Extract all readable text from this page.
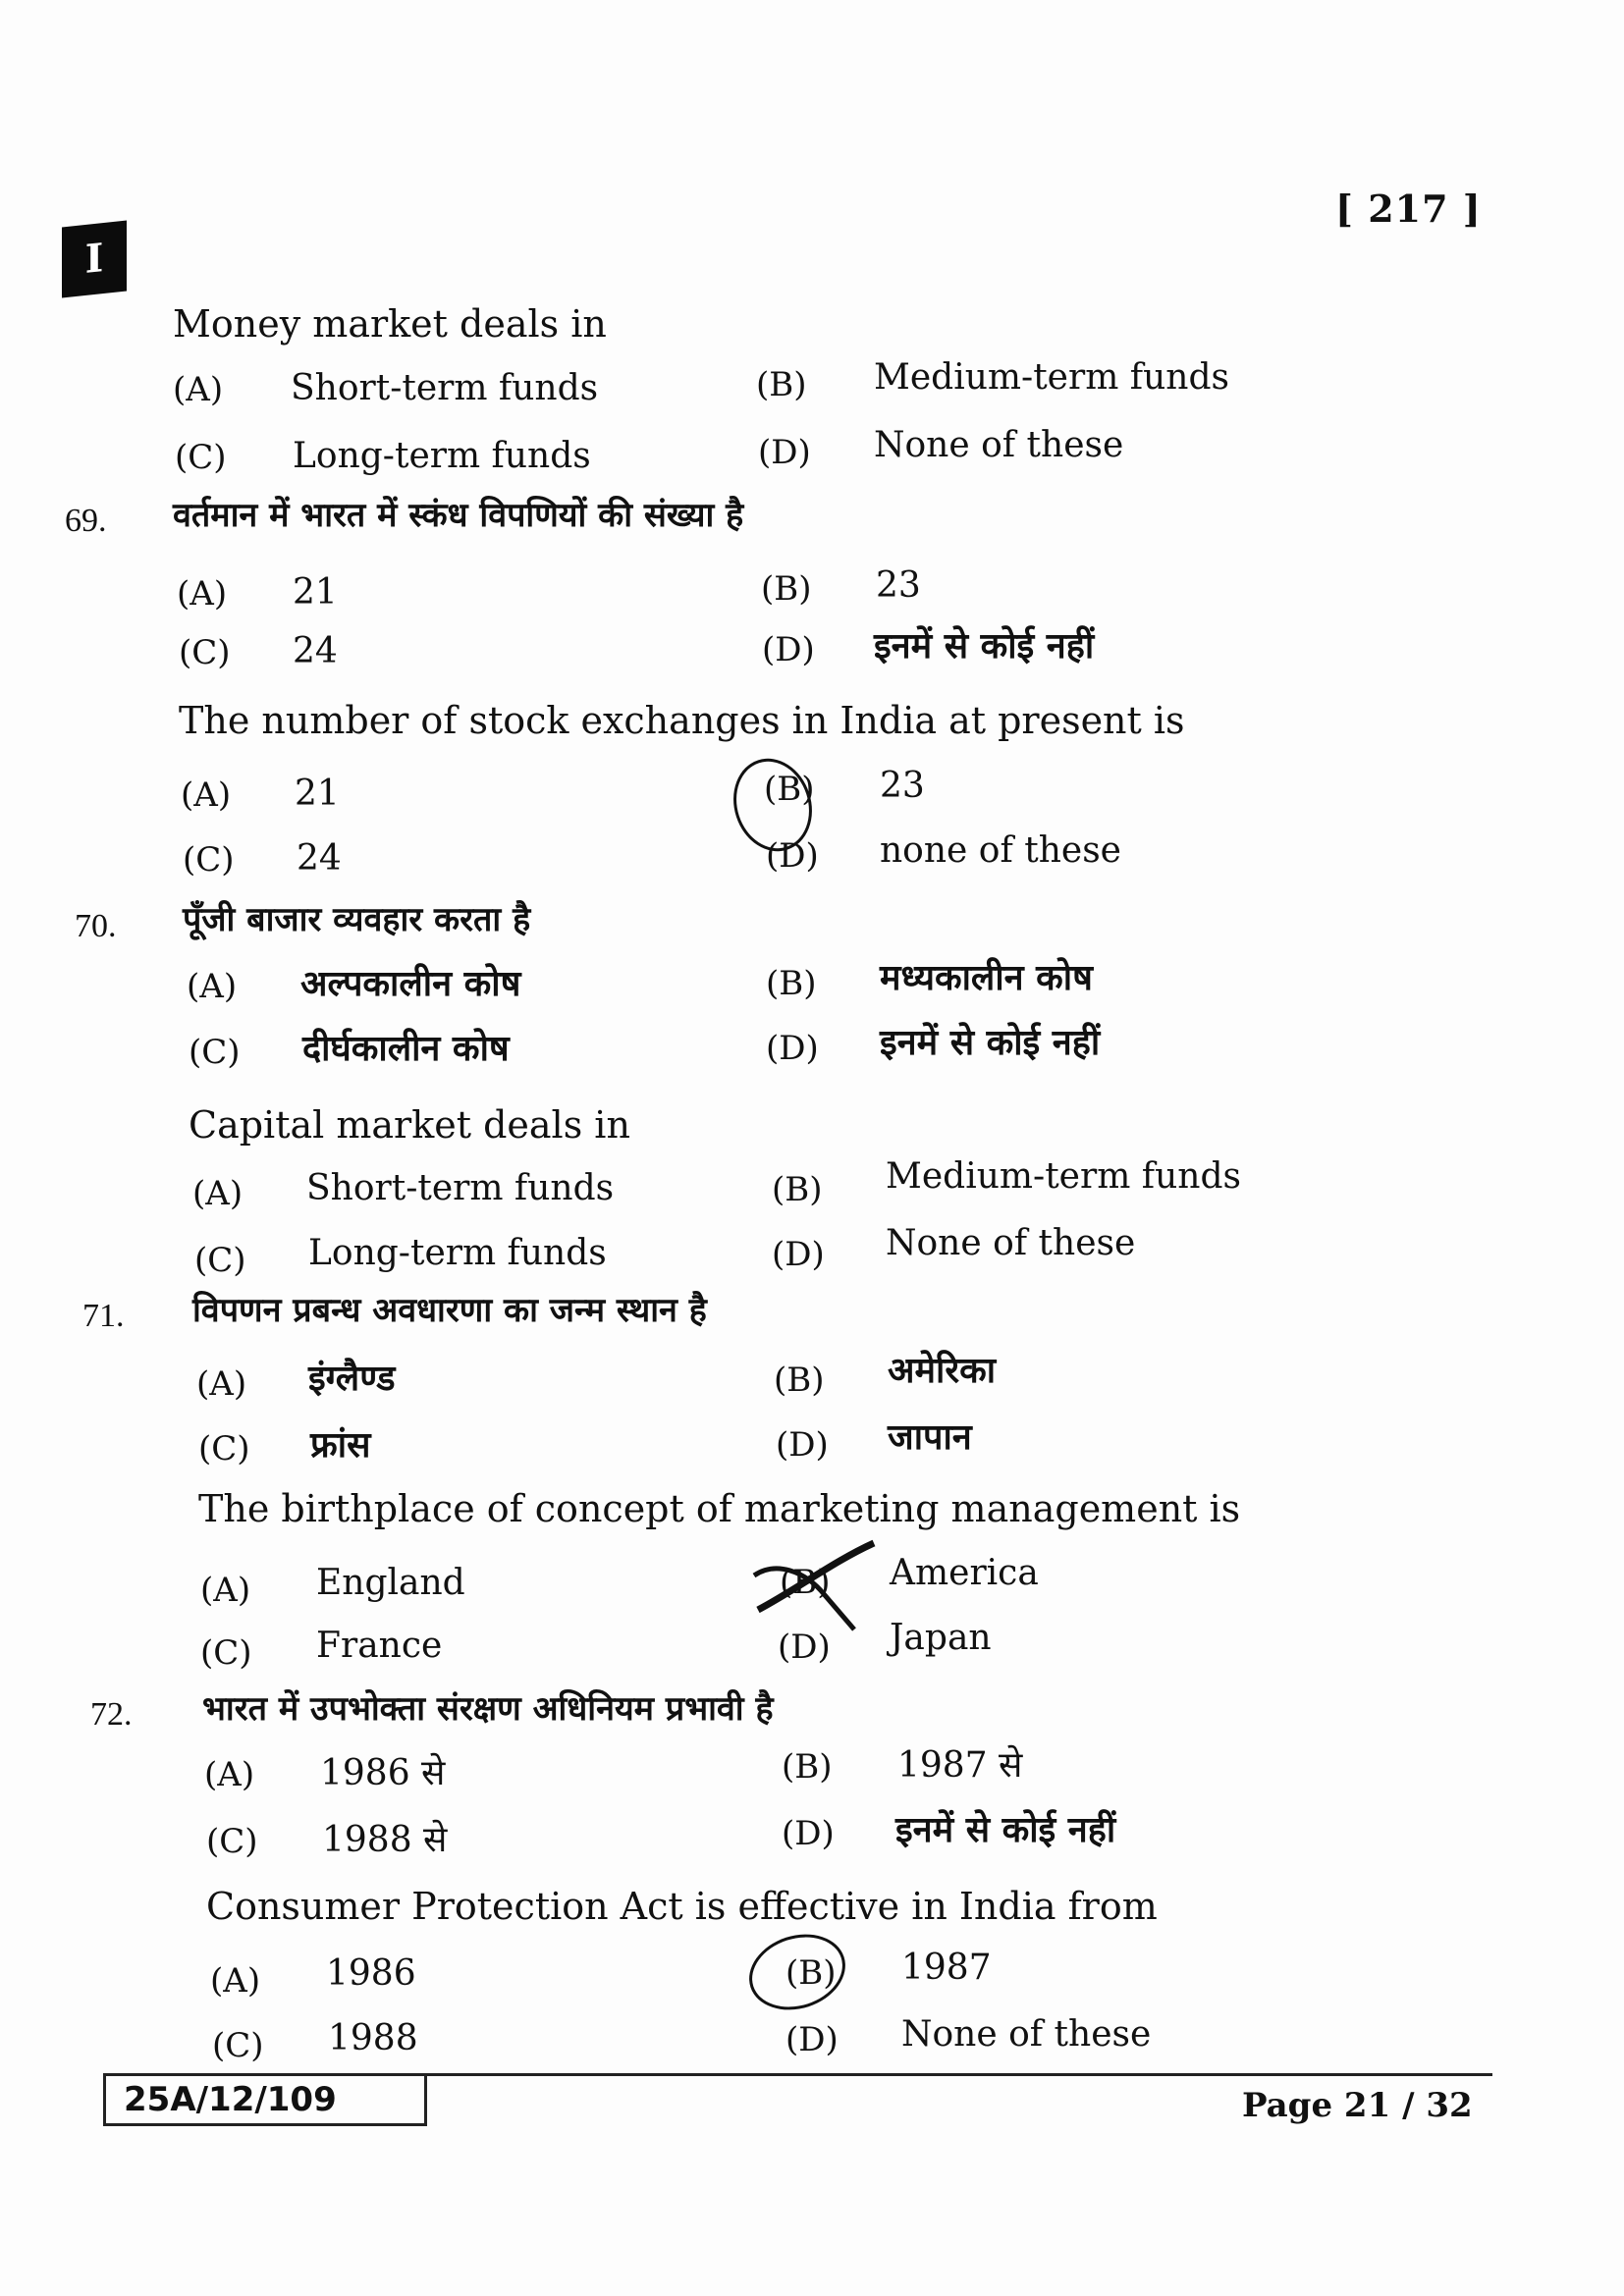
[ 217 ]
I
Money market deals in
(A) Short-term funds	(B) Medium-term funds
(C) Long-term funds	(D) None of these
69. वर्तमान में भारत में स्कंध विपणियों की संख्या है
(A) 21	(B) 23
(C) 24	(D) इनमें से कोई नहीं
The number of stock exchanges in India at present is
(A) 21	(B) 23
(C) 24	(D) none of these
70. पूँजी बाजार व्यवहार करता है
(A) अल्पकालीन कोष	(B) मध्यकालीन कोष
(C) दीर्घकालीन कोष	(D) इनमें से कोई नहीं
Capital market deals in
(A) Short-term funds	(B) Medium-term funds
(C) Long-term funds	(D) None of these
71. विपणन प्रबन्ध अवधारणा का जन्म स्थान है
(A) इंग्लैण्ड	(B) अमेरिका
(C) फ्रांस	(D) जापान
The birthplace of concept of marketing management is
(A) England	(B) America
(C) France	(D) Japan
72. भारत में उपभोक्ता संरक्षण अधिनियम प्रभावी है
(A) 1986 से	(B) 1987 से
(C) 1988 से	(D) इनमें से कोई नहीं
Consumer Protection Act is effective in India from
(A) 1986	(B) 1987
(C) 1988	(D) None of these
25A/12/109	Page 21 / 32
